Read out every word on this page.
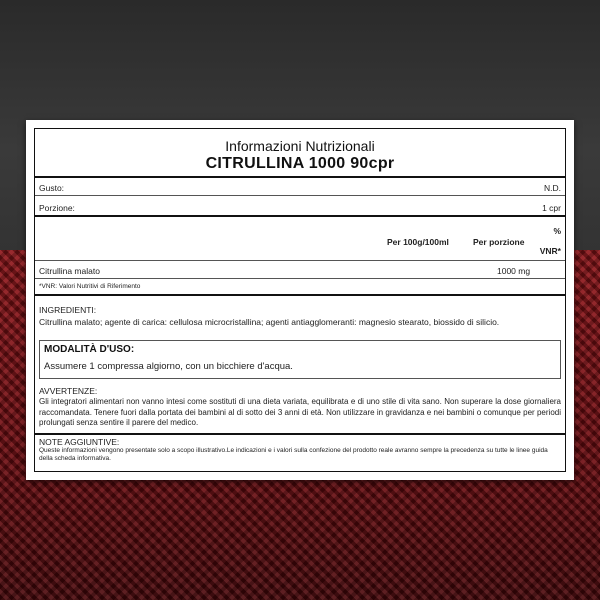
Informazioni Nutrizionali
CITRULLINA 1000 90cpr
Gusto:	N.D.
Porzione:	1 cpr
Per 100g/100ml	Per porzione
%
VNR*
Citrullina malato	1000 mg
*VNR: Valori Nutritivi di Riferimento
INGREDIENTI:
Citrullina malato; agente di carica: cellulosa microcristallina; agenti antiagglomeranti: magnesio stearato, biossido di silicio.
MODALITÀ D'USO:
Assumere 1 compressa algiorno, con un bicchiere d'acqua.
AVVERTENZE:
Gli integratori alimentari non vanno intesi come sostituti di una dieta variata, equilibrata e di uno stile di vita sano. Non superare la dose giornaliera raccomandata. Tenere fuori dalla portata dei bambini al di sotto dei 3 anni di età. Non utilizzare in gravidanza e nei bambini o comunque per periodi prolungati senza sentire il parere del medico.
NOTE AGGIUNTIVE:
Queste informazioni vengono presentate solo a scopo illustrativo.Le indicazioni e i valori sulla confezione del prodotto reale avranno sempre la precedenza su tutte le linee guida della scheda informativa.
